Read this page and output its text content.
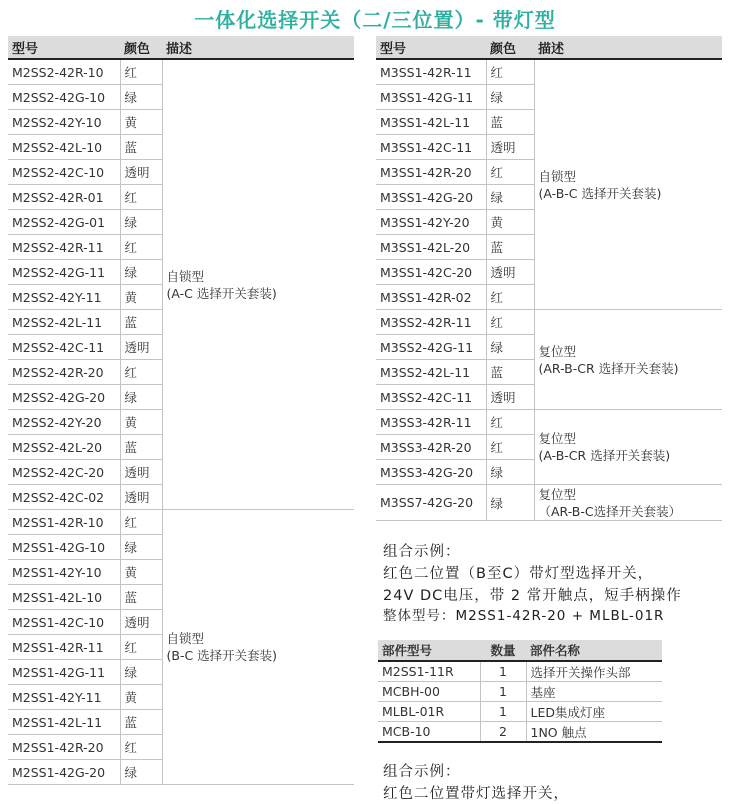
一体化选择开关（二/三位置）- 带灯型
型号	颜色	描述
M2SS2-42R-10	红	自锁型
(A-C 选择开关套装)

M2SS2-42G-10	绿	
M2SS2-42Y-10	黄	
M2SS2-42L-10	蓝	
M2SS2-42C-10	透明	
M2SS2-42R-01	红	
M2SS2-42G-01	绿	
M2SS2-42R-11	红	
M2SS2-42G-11	绿	
M2SS2-42Y-11	黄	
M2SS2-42L-11	蓝	
M2SS2-42C-11	透明	
M2SS2-42R-20	红	
M2SS2-42G-20	绿	
M2SS2-42Y-20	黄	
M2SS2-42L-20	蓝	
M2SS2-42C-20	透明	
M2SS2-42C-02	透明	
M2SS1-42R-10	红	自锁型
(B-C 选择开关套装)

M2SS1-42G-10	绿	
M2SS1-42Y-10	黄	
M2SS1-42L-10	蓝	
M2SS1-42C-10	透明	
M2SS1-42R-11	红	
M2SS1-42G-11	绿	
M2SS1-42Y-11	黄	
M2SS1-42L-11	蓝	
M2SS1-42R-20	红	
M2SS1-42G-20	绿	
型号	颜色	描述
M3SS1-42R-11	红	自锁型
(A-B-C 选择开关套装)

M3SS1-42G-11	绿	
M3SS1-42L-11	蓝	
M3SS1-42C-11	透明	
M3SS1-42R-20	红	
M3SS1-42G-20	绿	
M3SS1-42Y-20	黄	
M3SS1-42L-20	蓝	
M3SS1-42C-20	透明	
M3SS1-42R-02	红	
M3SS2-42R-11	红	复位型
(AR-B-CR 选择开关套装)

M3SS2-42G-11	绿	
M3SS2-42L-11	蓝	
M3SS2-42C-11	透明	
M3SS3-42R-11	红	复位型
(A-B-CR 选择开关套装)

M3SS3-42R-20	红	
M3SS3-42G-20	绿	
M3SS7-42G-20	绿	复位型
（AR-B-C选择开关套装）
组合示例：
红色二位置（B至C）带灯型选择开关，
24V DC电压，带 2 常开触点，短手柄操作
整体型号：M2SS1-42R-20 + MLBL-01R
部件型号	数量	部件名称
M2SS1-11R	1	选择开关操作头部
MCBH-00	1	基座
MLBL-01R	1	LED集成灯座
MCB-10	2	1NO 触点
组合示例：
红色二位置带灯选择开关，
